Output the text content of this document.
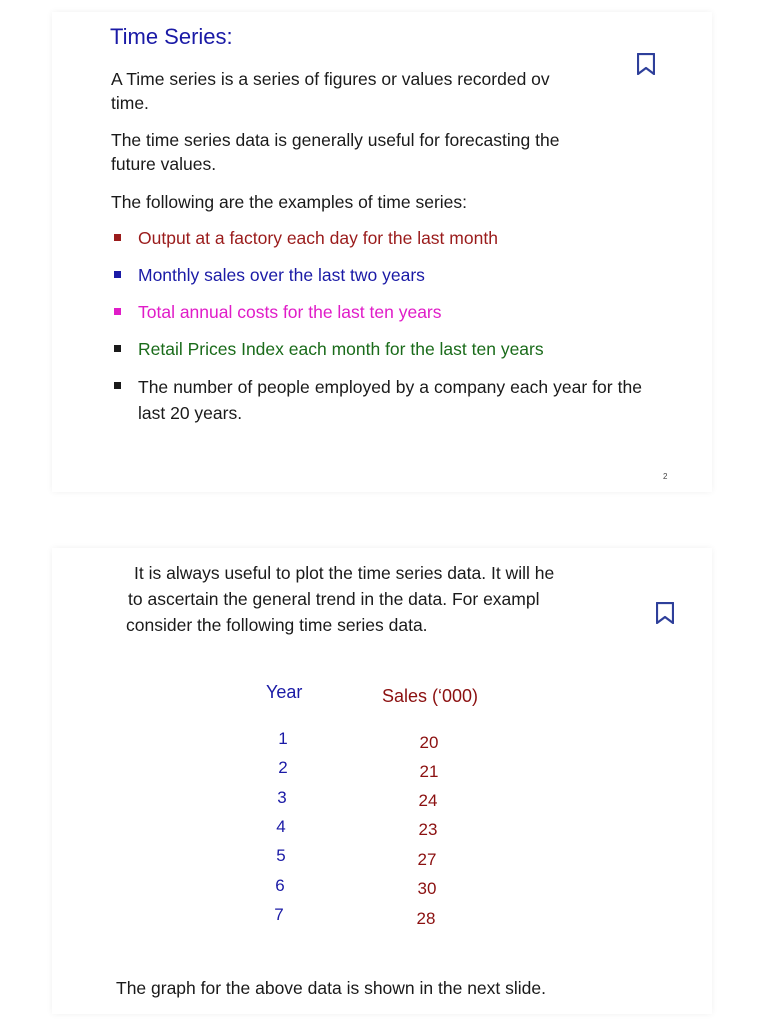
Time Series:

A Time series is a series of figures or values recorded ov
time.

The time series data is generally useful for forecasting the
future values.

The following are the examples of time series:

Output at a factory each day for the last month
Monthly sales over the last two years
Total annual costs for the last ten years
Retail Prices Index each month for the last ten years
The number of people employed by a company each year for the last 20 years.
2

It is always useful to plot the time series data. It will he

to ascertain the general trend in the data. For exampl

consider the following time series data.

Year	Sales (‘000)
1	20
2	21
3	24
4	23
5	27
6	30
7	28

The graph for the above data is shown in the next slide.
